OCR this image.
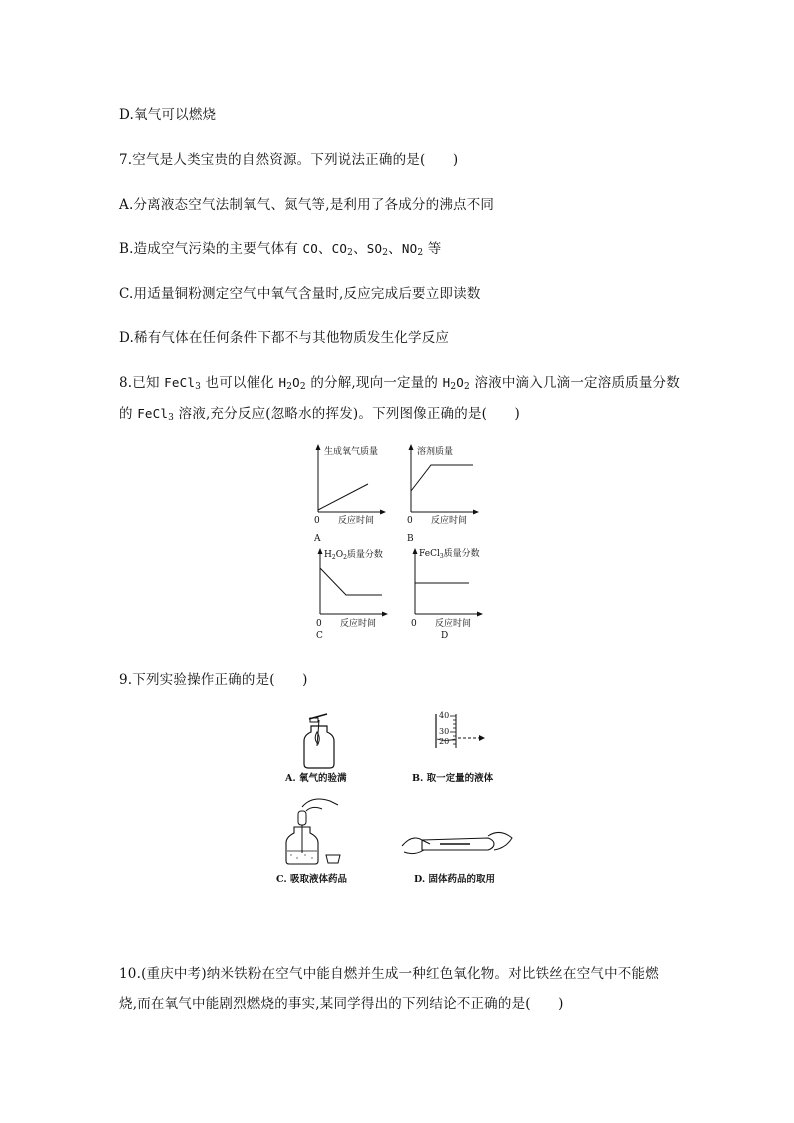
D.氧气可以燃烧
7.空气是人类宝贵的自然资源。下列说法正确的是(　　)
A.分离液态空气法制氧气、氮气等,是利用了各成分的沸点不同
B.造成空气污染的主要气体有 CO、$CO_2$、$SO_2$、$NO_2$ 等
C.用适量铜粉测定空气中氧气含量时,反应完成后要立即读数
D.稀有气体在任何条件下都不与其他物质发生化学反应
8.已知 FeCl$_3$ 也可以催化 $H_2O_2$ 的分解,现向一定量的 $H_2O_2$ 溶液中滴入几滴一定溶质质量分数
的 FeCl$_3$ 溶液,充分反应(忽略水的挥发)。下列图像正确的是(　　)
生成氧气质量
0 反应时间
A
溶剂质量
0 反应时间
B
$H_2O_2$质量分数
0 反应时间
C
FeCl$_3$质量分数
0 反应时间
D
9.下列实验操作正确的是(　　)
A. 氧气的验满
40
30
20
B. 取一定量的液体
C. 吸取液体药品	D. 固体药品的取用
10.(重庆中考)纳米铁粉在空气中能自燃并生成一种红色氧化物。对比铁丝在空气中不能燃
烧,而在氧气中能剧烈燃烧的事实,某同学得出的下列结论不正确的是(　　)
